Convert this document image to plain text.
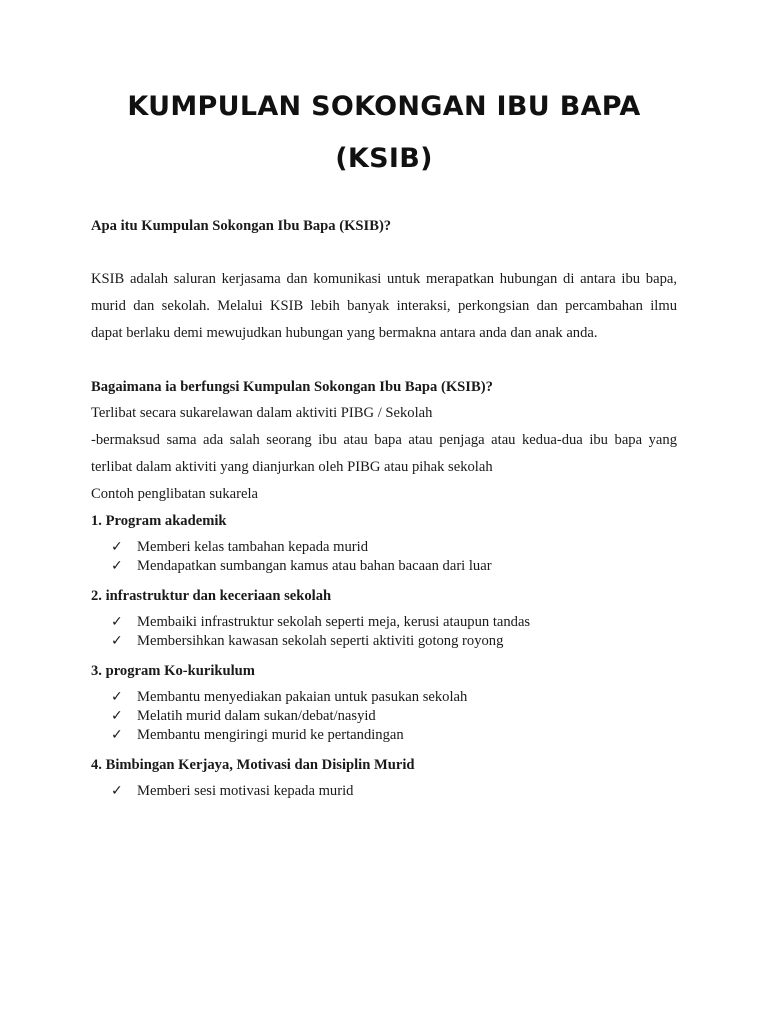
KUMPULAN SOKONGAN IBU BAPA
(KSIB)
Apa itu Kumpulan Sokongan Ibu Bapa (KSIB)?
KSIB adalah saluran kerjasama dan komunikasi untuk merapatkan hubungan di antara ibu bapa,
murid dan sekolah. Melalui KSIB lebih banyak interaksi, perkongsian dan percambahan ilmu
dapat berlaku demi mewujudkan hubungan yang bermakna antara anda dan anak anda.
Bagaimana ia berfungsi Kumpulan Sokongan Ibu Bapa (KSIB)?
Terlibat secara sukarelawan dalam aktiviti PIBG / Sekolah
-bermaksud sama ada salah seorang ibu atau bapa atau penjaga atau kedua-dua ibu bapa yang
terlibat dalam aktiviti yang dianjurkan oleh PIBG atau pihak sekolah
Contoh penglibatan sukarela
1. Program akademik
✓ Memberi kelas tambahan kepada murid
✓ Mendapatkan sumbangan kamus atau bahan bacaan dari luar
2. infrastruktur dan keceriaan sekolah
✓ Membaiki infrastruktur sekolah seperti meja, kerusi ataupun tandas
✓ Membersihkan kawasan sekolah seperti aktiviti gotong royong
3. program Ko-kurikulum
✓ Membantu menyediakan pakaian untuk pasukan sekolah
✓ Melatih murid dalam sukan/debat/nasyid
✓ Membantu mengiringi murid ke pertandingan
4. Bimbingan Kerjaya, Motivasi dan Disiplin Murid
✓ Memberi sesi motivasi kepada murid
